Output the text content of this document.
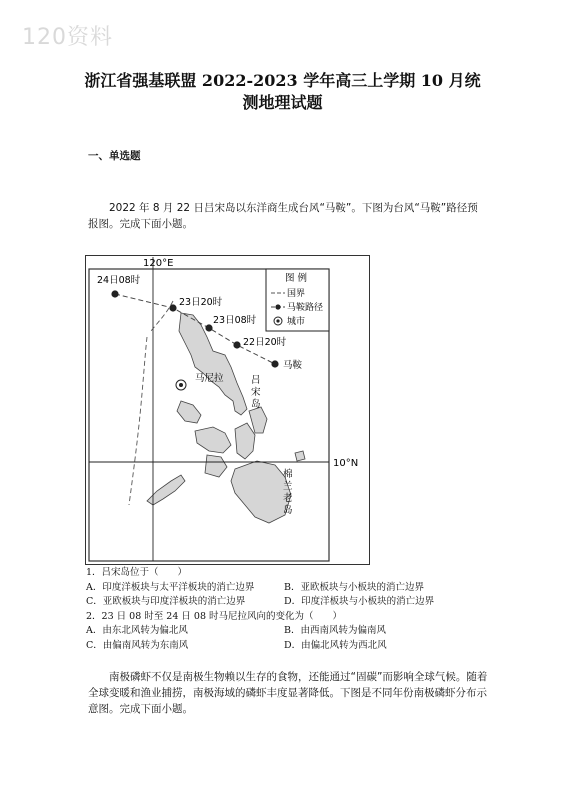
120资料
浙江省强基联盟 2022-2023 学年高三上学期 10 月统
测地理试题
一、单选题
2022 年 8 月 22 日吕宋岛以东洋商生成台风“马鞍”。下图为台风“马鞍”路径预报图。完成下面小题。
120°E
10°N
24日08时
23日20时
23日08时
22日20时
马鞍
马尼拉	吕 宋 岛
棉 兰 老 岛
图 例
国界
马鞍路径
城市
1．吕宋岛位于（　　）
A．印度洋板块与太平洋板块的消亡边界	B．亚欧板块与小板块的消亡边界
C．亚欧板块与印度洋板块的消亡边界	D．印度洋板块与小板块的消亡边界
2．23 日 08 时至 24 日 08 时马尼拉风向的变化为（　　）
A．由东北风转为偏北风	B．由西南风转为偏南风
C．由偏南风转为东南风	D．由偏北风转为西北风
南极磷虾不仅是南极生物赖以生存的食物，还能通过“固碳”而影响全球气候。随着全球变暖和渔业捕捞，南极海域的磷虾丰度显著降低。下图是不同年份南极磷虾分布示意图。完成下面小题。
